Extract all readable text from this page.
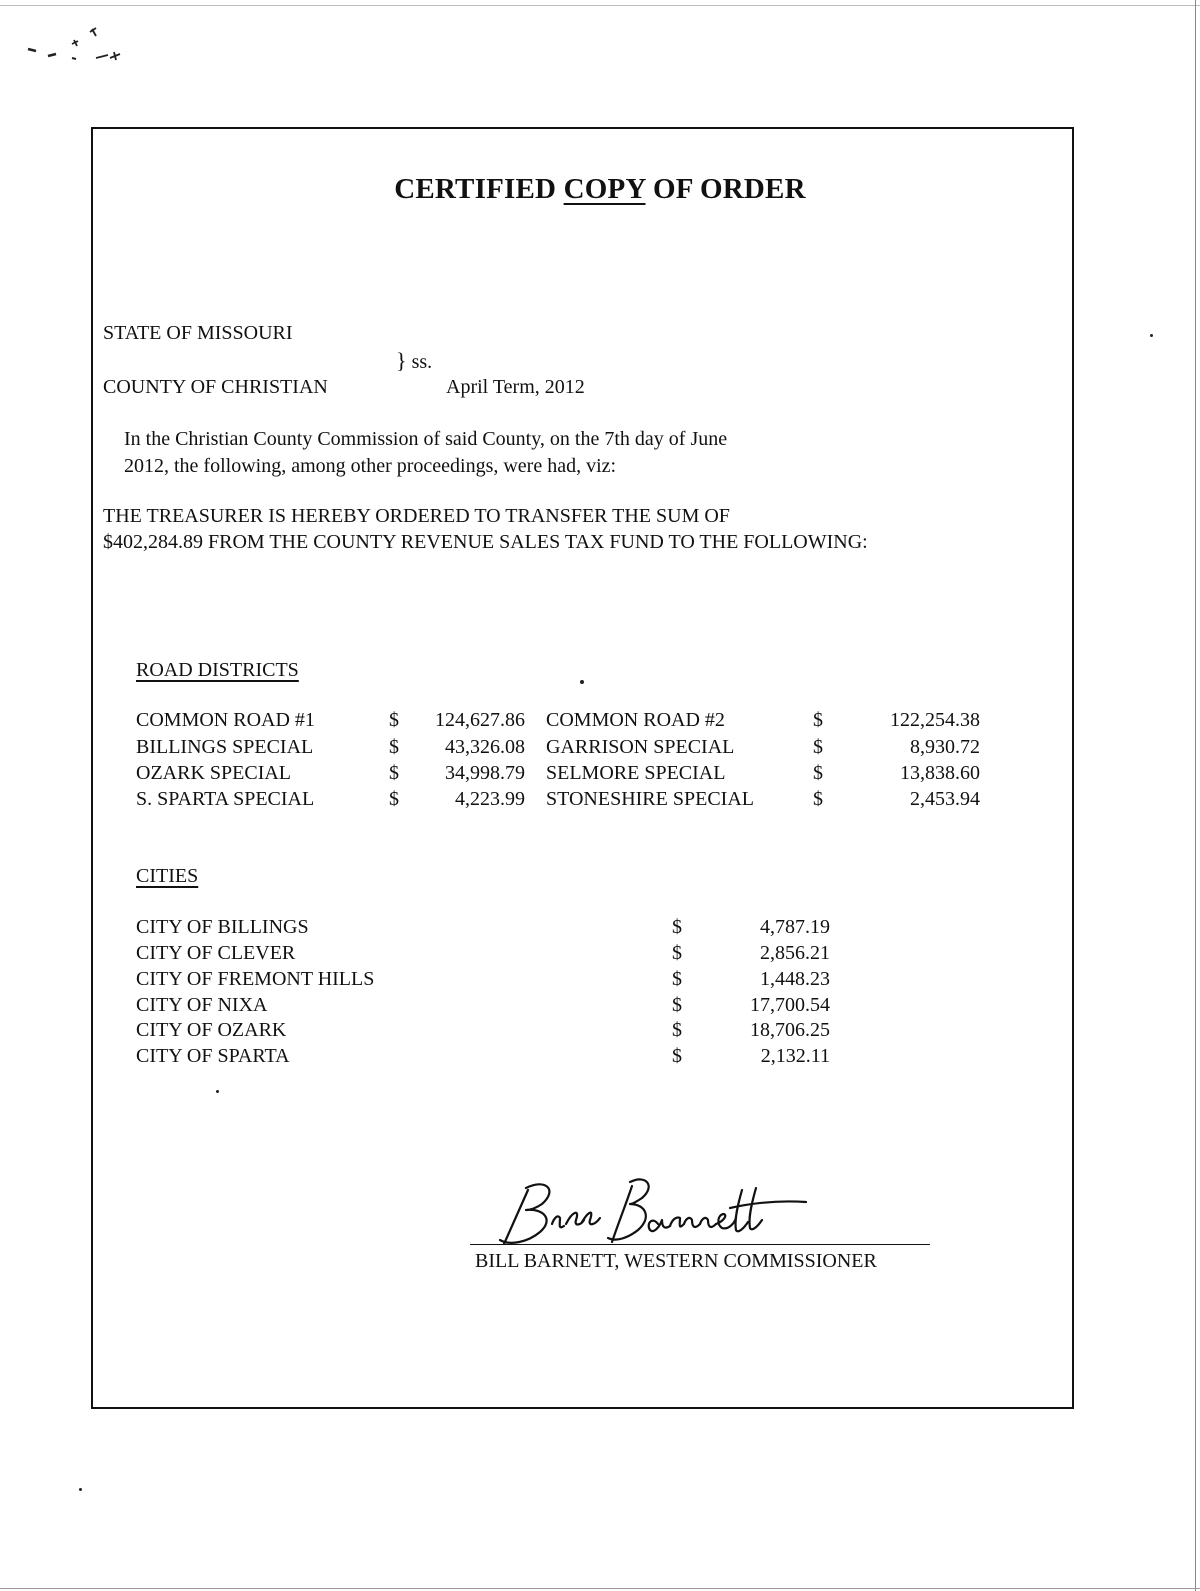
CERTIFIED COPY OF ORDER
STATE OF MISSOURI
} ss.
COUNTY OF CHRISTIAN	April Term, 2012
In the Christian County Commission of said County, on the 7th day of June
2012, the following, among other proceedings, were had, viz:
THE TREASURER IS HEREBY ORDERED TO TRANSFER THE SUM OF
$402,284.89 FROM THE COUNTY REVENUE SALES TAX FUND TO THE FOLLOWING:
ROAD DISTRICTS
COMMON ROAD #1	$	124,627.86 COMMON ROAD #2	$	122,254.38
BILLINGS SPECIAL	$	43,326.08 GARRISON SPECIAL	$	8,930.72
OZARK SPECIAL	$	34,998.79 SELMORE SPECIAL	$	13,838.60
S. SPARTA SPECIAL	$	4,223.99 STONESHIRE SPECIAL	$	2,453.94
CITIES
CITY OF BILLINGS	$	4,787.19
CITY OF CLEVER	$	2,856.21
CITY OF FREMONT HILLS	$	1,448.23
CITY OF NIXA	$	17,700.54
CITY OF OZARK	$	18,706.25
CITY OF SPARTA	$	2,132.11
BILL BARNETT, WESTERN COMMISSIONER
